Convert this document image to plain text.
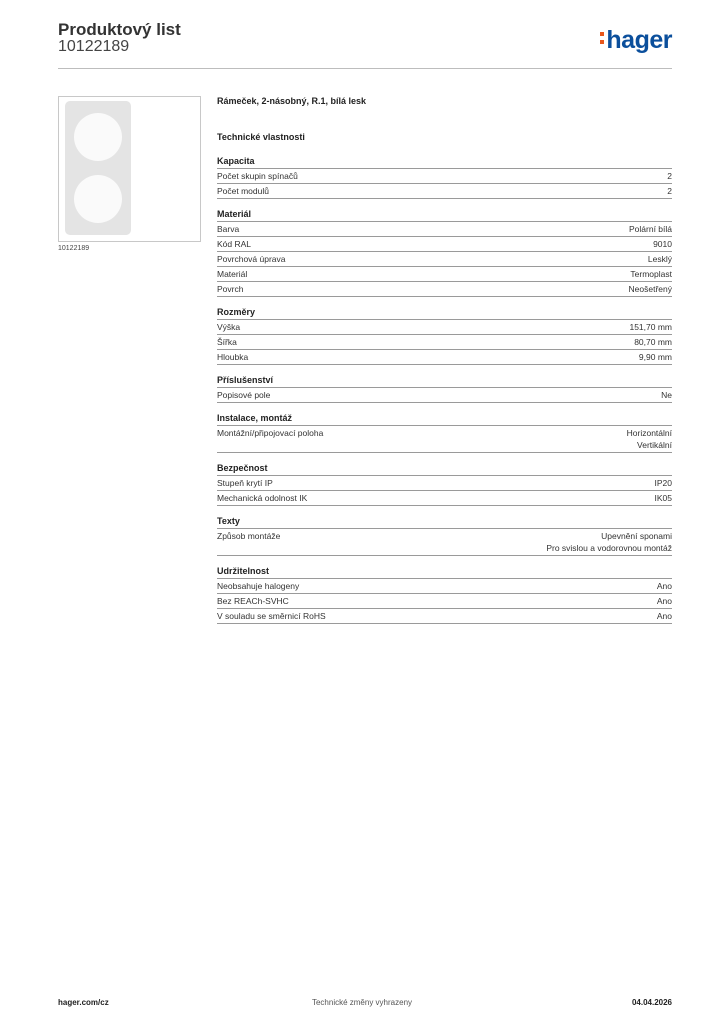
Produktový list
10122189	hager
10122189
Rámeček, 2-násobný, R.1, bílá lesk
Technické vlastnosti
Kapacita
Počet skupin spínačů	2
Počet modulů	2
Materiál
Barva	Polární bílá
Kód RAL	9010
Povrchová úprava	Lesklý
Materiál	Termoplast
Povrch	Neošetřený
Rozměry
Výška	151,70 mm
Šířka	80,70 mm
Hloubka	9,90 mm
Příslušenství
Popisové pole	Ne
Instalace, montáž
Montážní/připojovací poloha	Horizontální
Vertikální
Bezpečnost
Stupeň krytí IP	IP20
Mechanická odolnost IK	IK05
Texty
Způsob montáže	Upevnění sponami
Pro svislou a vodorovnou montáž
Udržitelnost
Neobsahuje halogeny	Ano
Bez REACh-SVHC	Ano
V souladu se směrnicí RoHS	Ano
hager.com/cz	Technické změny vyhrazeny	04.04.2026
